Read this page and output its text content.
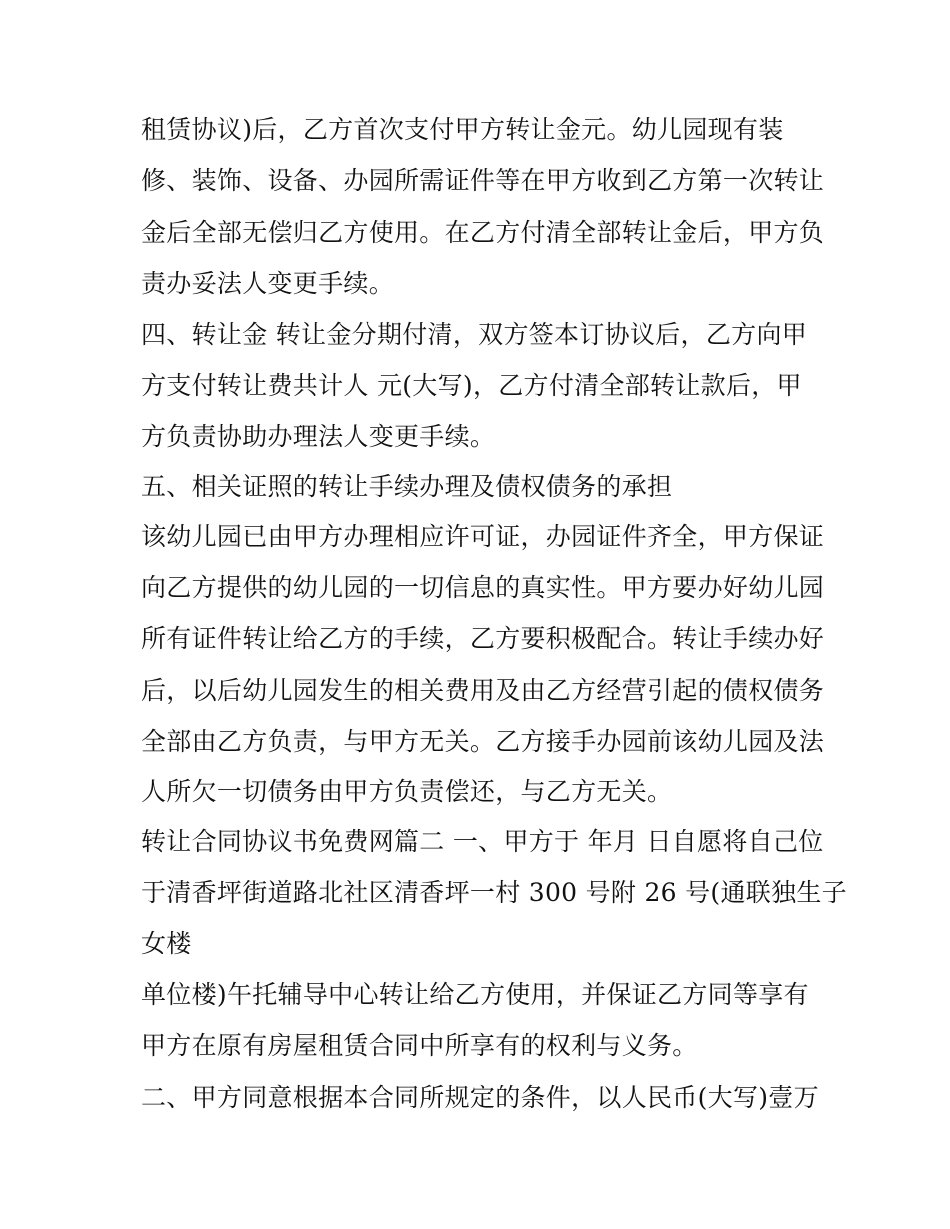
租赁协议)后，乙方首次支付甲方转让金元。幼儿园现有装
修、装饰、设备、办园所需证件等在甲方收到乙方第一次转让
金后全部无偿归乙方使用。在乙方付清全部转让金后，甲方负
责办妥法人变更手续。
四、转让金 转让金分期付清，双方签本订协议后，乙方向甲
方支付转让费共计人 元(大写)，乙方付清全部转让款后，甲
方负责协助办理法人变更手续。
五、相关证照的转让手续办理及债权债务的承担
该幼儿园已由甲方办理相应许可证，办园证件齐全，甲方保证
向乙方提供的幼儿园的一切信息的真实性。甲方要办好幼儿园
所有证件转让给乙方的手续，乙方要积极配合。转让手续办好
后，以后幼儿园发生的相关费用及由乙方经营引起的债权债务
全部由乙方负责，与甲方无关。乙方接手办园前该幼儿园及法
人所欠一切债务由甲方负责偿还，与乙方无关。
转让合同协议书免费网篇二 一、甲方于 年月 日自愿将自己位
于清香坪街道路北社区清香坪一村 300 号附 26 号(通联独生子
女楼
单位楼)午托辅导中心转让给乙方使用，并保证乙方同等享有
甲方在原有房屋租赁合同中所享有的权利与义务。
二、甲方同意根据本合同所规定的条件，以人民币(大写)壹万
